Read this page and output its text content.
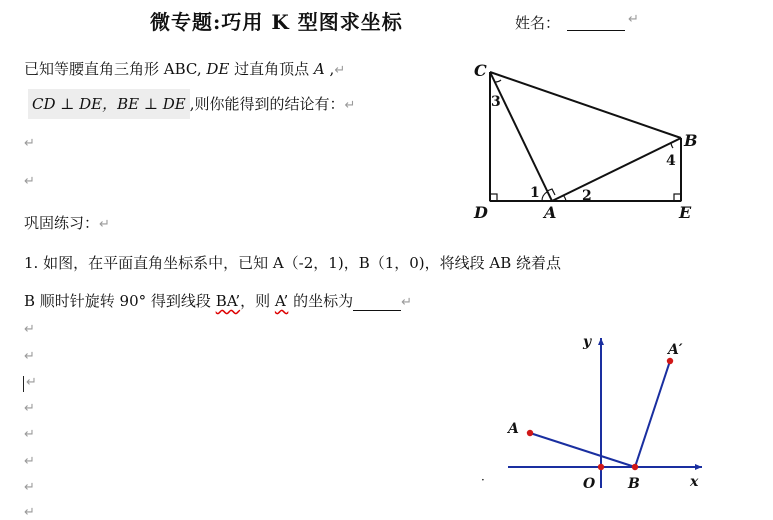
微专题:巧用 K 型图求坐标	姓名：	↵
已知等腰直角三角形 ABC, DE 过直角顶点 A ,↵
CD ⊥ DE，BE ⊥ DE ,则你能得到的结论有：↵
↵
↵
巩固练习：↵
1. 如图，在平面直角坐标系中，已知 A（-2，1)，B（1，0)，将线段 AB 绕着点
B 顺时针旋转 90° 得到线段 BA’，则 A’ 的坐标为	↵
↵
↵
↵
↵
↵
↵
↵
↵
C
B
D	A	E
1	2
3
4
y
x
O
A
B
A′
·
